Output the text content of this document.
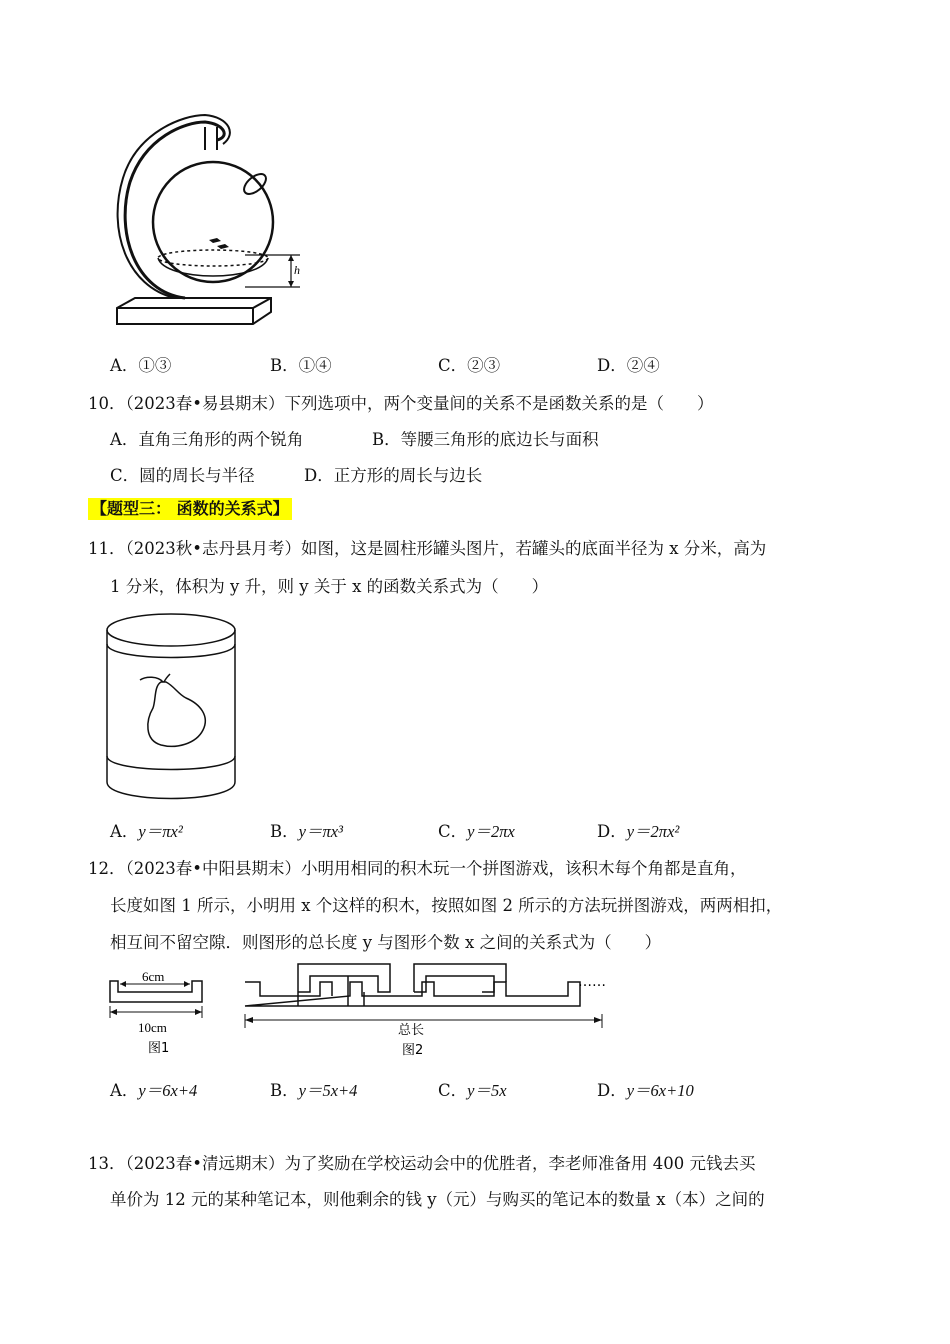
h
A．①③	B．①④	C．②③	D．②④
10．（2023春•易县期末）下列选项中，两个变量间的关系不是函数关系的是（　　）
A．直角三角形的两个锐角	B．等腰三角形的底边长与面积
C．圆的周长与半径	D．正方形的周长与边长
【题型三： 函数的关系式】
11．（2023秋•志丹县月考）如图，这是圆柱形罐头图片，若罐头的底面半径为 x 分米，高为
1 分米，体积为 y 升，则 y 关于 x 的函数关系式为（　　）
A．y＝πx²	B．y＝πx³	C．y＝2πx	D．y＝2πx²
12．（2023春•中阳县期末）小明用相同的积木玩一个拼图游戏，该积木每个角都是直角，
长度如图 1 所示，小明用 x 个这样的积木，按照如图 2 所示的方法玩拼图游戏，两两相扣，
相互间不留空隙．则图形的总长度 y 与图形个数 x 之间的关系式为（　　）
6cm
10cm
图1
……
总长
图2
A．y＝6x+4	B．y＝5x+4	C．y＝5x	D．y＝6x+10
13．（2023春•清远期末）为了奖励在学校运动会中的优胜者，李老师准备用 400 元钱去买
单价为 12 元的某种笔记本，则他剩余的钱 y（元）与购买的笔记本的数量 x（本）之间的
